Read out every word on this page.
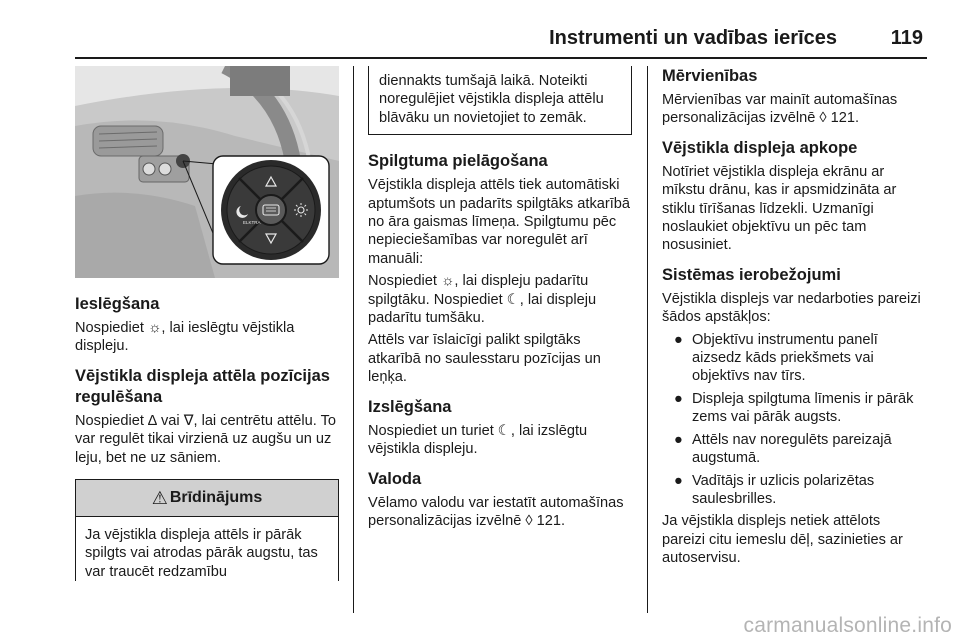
Instrumenti un vadības ierīces	119
ELKTRA
Ieslēgšana

Nospiediet ☼, lai ieslēgtu vējstikla displeju.

Vējstikla displeja attēla pozīcijas regulēšana

Nospiediet ∆ vai ∇, lai centrētu attēlu. To var regulēt tikai virzienā uz augšu un uz leju, bet ne uz sāniem.

⚠ Brīdinājums
Ja vējstikla displeja attēls ir pārāk spilgts vai atrodas pārāk augstu, tas var traucēt redzamību
diennakts tumšajā laikā. Noteikti noregulējiet vējstikla displeja attēlu blāvāku un novietojiet to zemāk.
Spilgtuma pielāgošana

Vējstikla displeja attēls tiek automātiski aptumšots un padarīts spilgtāks atkarībā no āra gaismas līmeņa. Spilgtumu pēc nepieciešamības var noregulēt arī manuāli:

Nospiediet ☼, lai displeju padarītu spilgtāku. Nospiediet ☾, lai displeju padarītu tumšāku.

Attēls var īslaicīgi palikt spilgtāks atkarībā no saulesstaru pozīcijas un leņķa.

Izslēgšana

Nospiediet un turiet ☾, lai izslēgtu vējstikla displeju.

Valoda

Vēlamo valodu var iestatīt automašīnas personalizācijas izvēlnē ◊ 121.

Mērvienības

Mērvienības var mainīt automašīnas personalizācijas izvēlnē ◊ 121.

Vējstikla displeja apkope

Notīriet vējstikla displeja ekrānu ar mīkstu drānu, kas ir apsmidzināta ar stiklu tīrīšanas līdzekli. Uzmanīgi noslaukiet objektīvu un pēc tam nosusiniet.

Sistēmas ierobežojumi

Vējstikla displejs var nedarboties pareizi šādos apstākļos:

● Objektīvu instrumentu panelī aizsedz kāds priekšmets vai objektīvs nav tīrs.
● Displeja spilgtuma līmenis ir pārāk zems vai pārāk augsts.
● Attēls nav noregulēts pareizajā augstumā.
● Vadītājs ir uzlicis polarizētas saulesbrilles.

Ja vējstikla displejs netiek attēlots pareizi citu iemeslu dēļ, sazinieties ar autoservisu.

carmanualsonline.info
